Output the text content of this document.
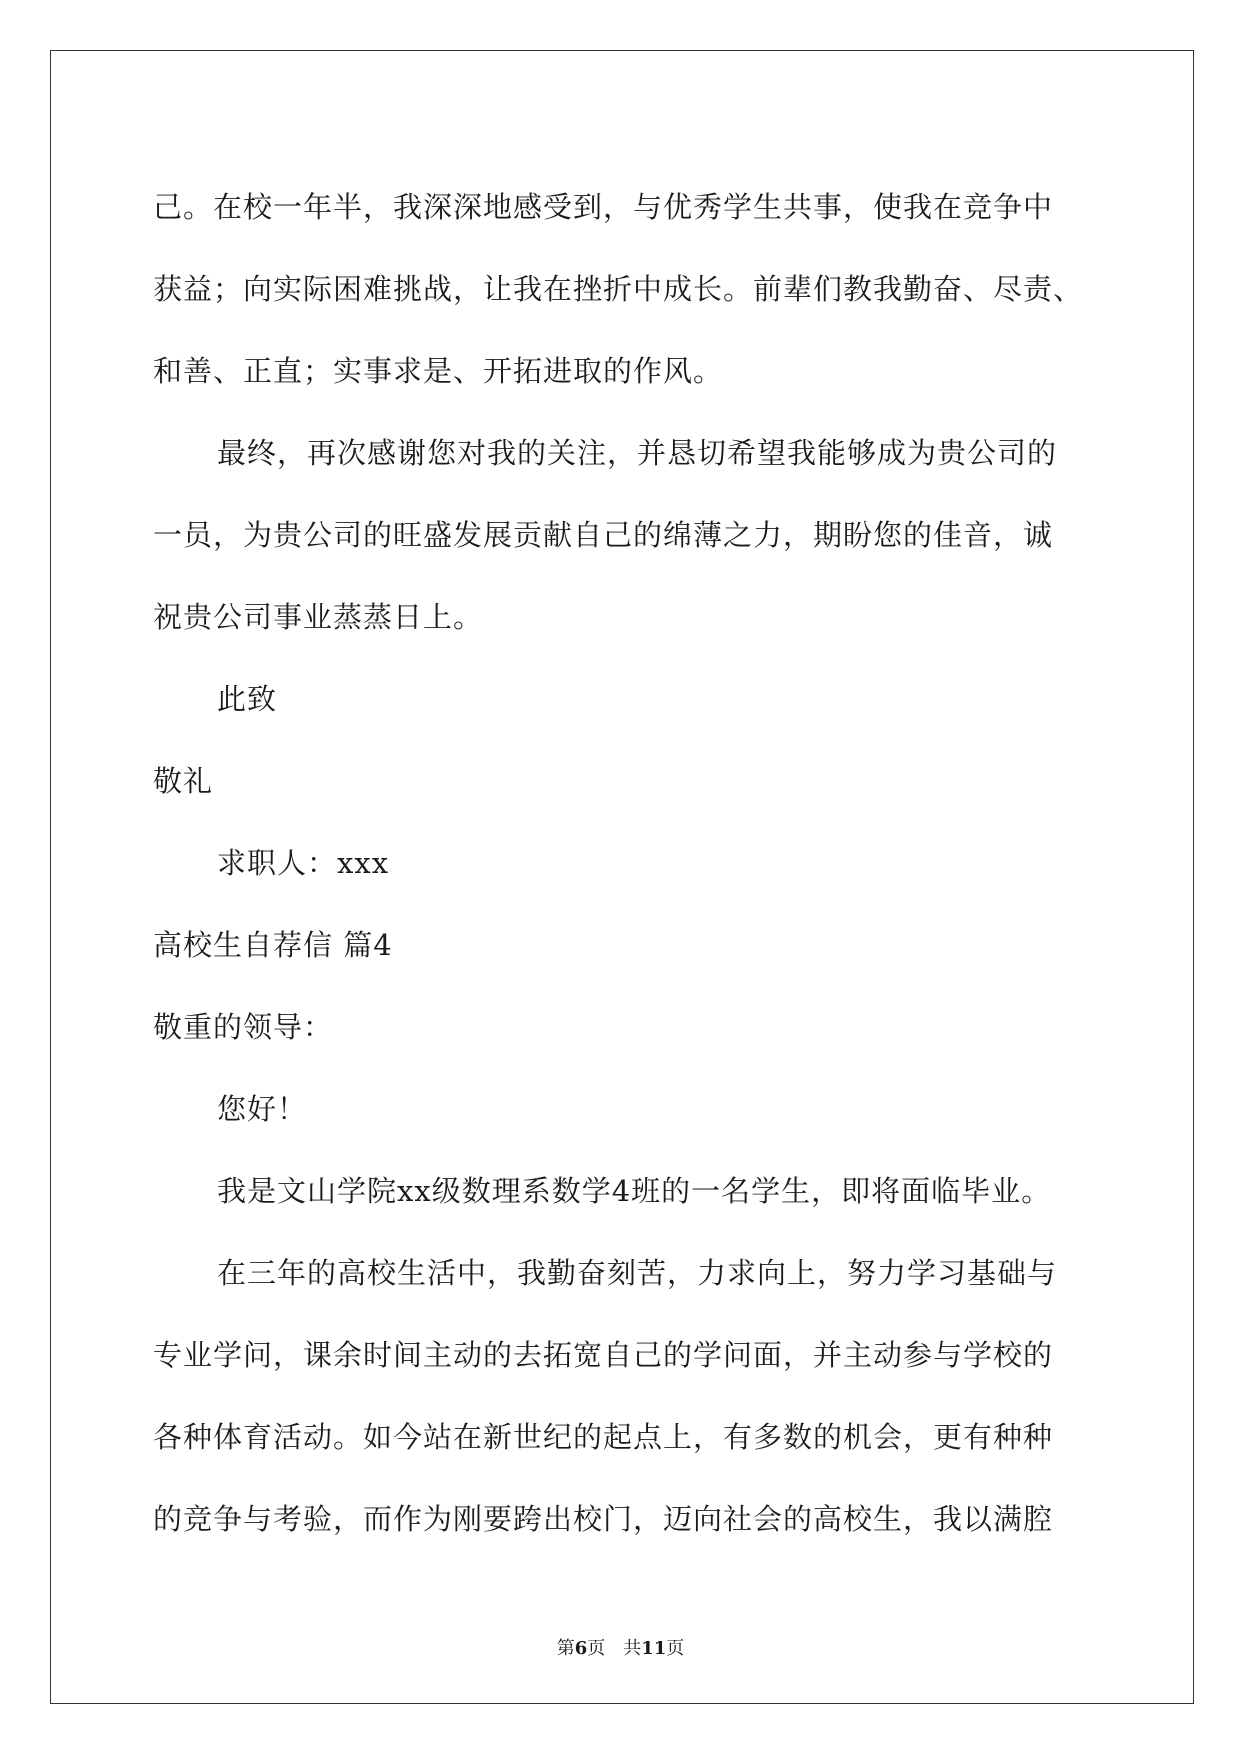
己。在校一年半，我深深地感受到，与优秀学生共事，使我在竞争中

获益；向实际困难挑战，让我在挫折中成长。前辈们教我勤奋、尽责、

和善、正直；实事求是、开拓进取的作风。

最终，再次感谢您对我的关注，并恳切希望我能够成为贵公司的

一员，为贵公司的旺盛发展贡献自己的绵薄之力，期盼您的佳音，诚

祝贵公司事业蒸蒸日上。

此致

敬礼

求职人：xxx

高校生自荐信 篇4

敬重的领导：

您好！

我是文山学院xx级数理系数学4班的一名学生，即将面临毕业。

在三年的高校生活中，我勤奋刻苦，力求向上，努力学习基础与

专业学问，课余时间主动的去拓宽自己的学问面，并主动参与学校的

各种体育活动。如今站在新世纪的起点上，有多数的机会，更有种种

的竞争与考验，而作为刚要跨出校门，迈向社会的高校生，我以满腔

第6页　共11页
